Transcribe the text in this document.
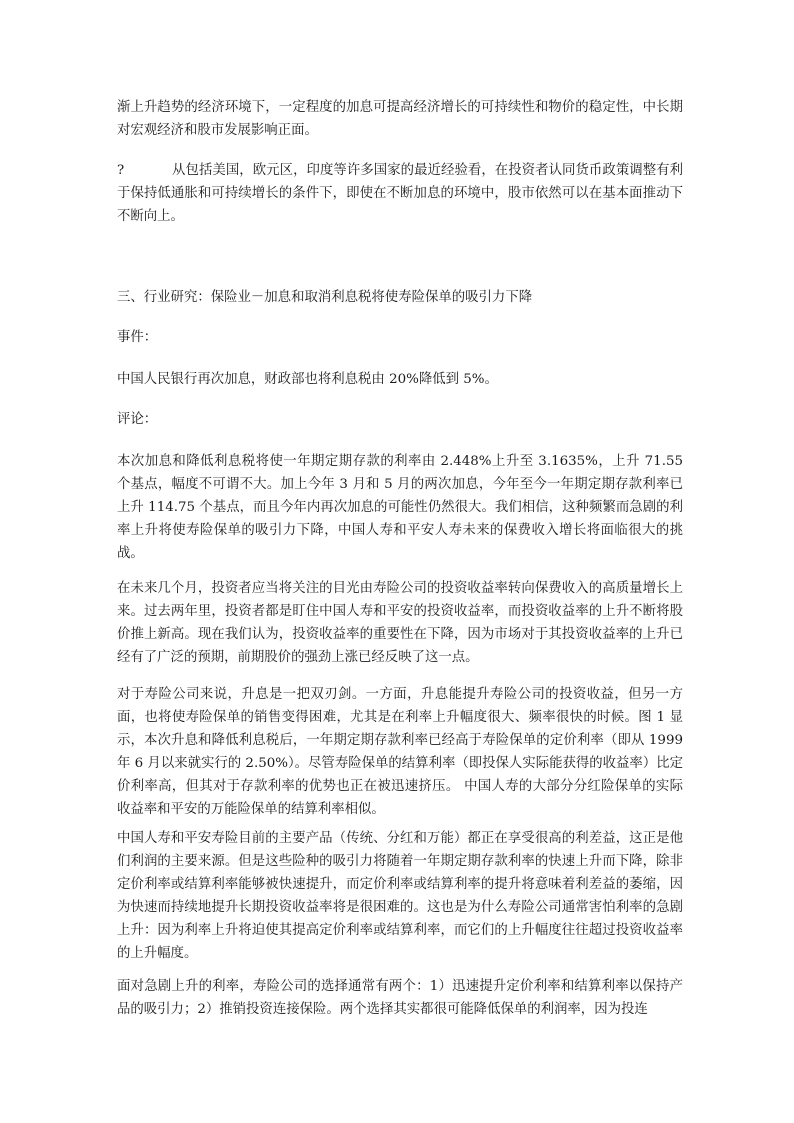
渐上升趋势的经济环境下，一定程度的加息可提高经济增长的可持续性和物价的稳定性，中长期对宏观经济和股市发展影响正面。

?	从包括美国，欧元区，印度等许多国家的最近经验看，在投资者认同货币政策调整有利于保持低通胀和可持续增长的条件下，即使在不断加息的环境中，股市依然可以在基本面推动下不断向上。

三、行业研究：保险业－加息和取消利息税将使寿险保单的吸引力下降

事件：

中国人民银行再次加息，财政部也将利息税由 20%降低到 5%。

评论：

本次加息和降低利息税将使一年期定期存款的利率由 2.448%上升至 3.1635%，上升 71.55 个基点，幅度不可谓不大。加上今年 3 月和 5 月的两次加息，今年至今一年期定期存款利率已上升 114.75 个基点，而且今年内再次加息的可能性仍然很大。我们相信，这种频繁而急剧的利率上升将使寿险保单的吸引力下降，中国人寿和平安人寿未来的保费收入增长将面临很大的挑战。

在未来几个月，投资者应当将关注的目光由寿险公司的投资收益率转向保费收入的高质量增长上来。过去两年里，投资者都是盯住中国人寿和平安的投资收益率，而投资收益率的上升不断将股价推上新高。现在我们认为，投资收益率的重要性在下降，因为市场对于其投资收益率的上升已经有了广泛的预期，前期股价的强劲上涨已经反映了这一点。

对于寿险公司来说，升息是一把双刃剑。一方面，升息能提升寿险公司的投资收益，但另一方面，也将使寿险保单的销售变得困难，尤其是在利率上升幅度很大、频率很快的时候。图 1 显示，本次升息和降低利息税后，一年期定期存款利率已经高于寿险保单的定价利率（即从 1999 年 6 月以来就实行的 2.50%）。尽管寿险保单的结算利率（即投保人实际能获得的收益率）比定价利率高，但其对于存款利率的优势也正在被迅速挤压。 中国人寿的大部分分红险保单的实际收益率和平安的万能险保单的结算利率相似。

中国人寿和平安寿险目前的主要产品（传统、分红和万能）都正在享受很高的利差益，这正是他们利润的主要来源。但是这些险种的吸引力将随着一年期定期存款利率的快速上升而下降，除非定价利率或结算利率能够被快速提升，而定价利率或结算利率的提升将意味着利差益的萎缩，因为快速而持续地提升长期投资收益率将是很困难的。这也是为什么寿险公司通常害怕利率的急剧上升：因为利率上升将迫使其提高定价利率或结算利率，而它们的上升幅度往往超过投资收益率的上升幅度。

面对急剧上升的利率，寿险公司的选择通常有两个：1）迅速提升定价利率和结算利率以保持产品的吸引力；2）推销投资连接保险。两个选择其实都很可能降低保单的利润率，因为投连
